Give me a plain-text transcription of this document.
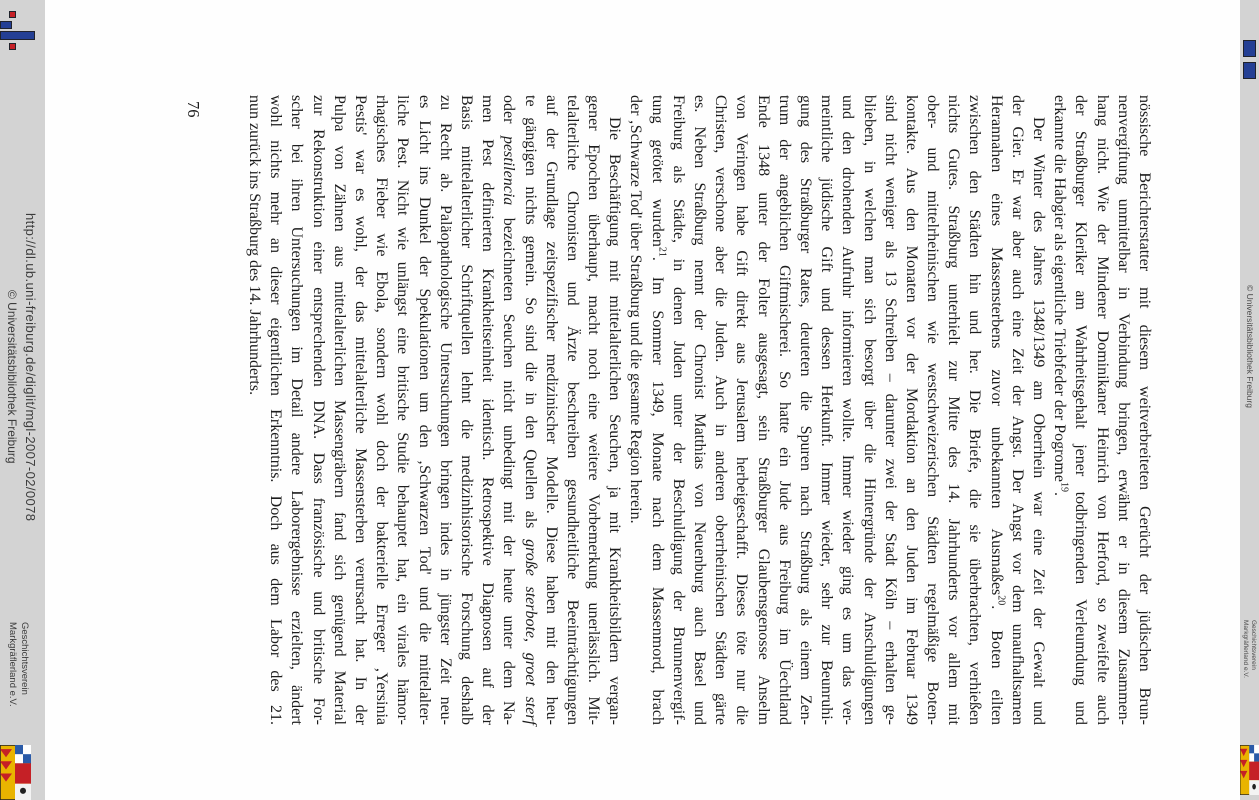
© Universitätsbibliothek Freiburg
Geschichtsverein
Markgräflerland e.V.
nössische Berichterstatter mit diesem weitverbreiteten Gerücht der jüdischen Brun-
nenvergiftung unmittelbar in Verbindung bringen, erwähnt er in diesem Zusammen-
hang nicht. Wie der Mindener Dominikaner Heinrich von Herford, so zweifelte auch
der Straßburger Kleriker am Wahrheitsgehalt jener todbringenden Verleumdung und
erkannte die Habgier als eigentliche Triebfeder der Pogrome$^{19}$.
Der Winter des Jahres 1348/1349 am Oberrhein war eine Zeit der Gewalt und
der Gier. Er war aber auch eine Zeit der Angst. Der Angst vor dem unaufhaltsamen
Herannahen eines Massensterbens zuvor unbekannten Ausmaßes$^{20}$. Boten eilten
zwischen den Städten hin und her. Die Briefe, die sie überbrachten, verhießen
nichts Gutes. Straßburg unterhielt zur Mitte des 14. Jahrhunderts vor allem mit
ober- und mittelrheinischen wie westschweizerischen Städten regelmäßige Boten-
kontakte. Aus den Monaten vor der Mordaktion an den Juden im Februar 1349
sind nicht weniger als 13 Schreiben – darunter zwei der Stadt Köln – erhalten ge-
blieben, in welchen man sich besorgt über die Hintergründe der Anschuldigungen
und den drohenden Aufruhr informieren wollte. Immer wieder ging es um das ver-
meintliche jüdische Gift und dessen Herkunft. Immer wieder, sehr zur Beunruhi-
gung des Straßburger Rates, deuteten die Spuren nach Straßburg als einem Zen-
trum der angeblichen Giftmischerei. So hatte ein Jude aus Freiburg im Üechtland
Ende 1348 unter der Folter ausgesagt, sein Straßburger Glaubensgenosse Anselm
von Veringen habe Gift direkt aus Jerusalem herbeigeschafft. Dieses töte nur die
Christen, verschone aber die Juden. Auch in anderen oberrheinischen Städten gärte
es. Neben Straßburg nennt der Chronist Matthias von Neuenburg auch Basel und
Freiburg als Städte, in denen Juden unter der Beschuldigung der Brunnenvergif-
tung getötet wurden$^{21}$. Im Sommer 1349, Monate nach dem Massenmord, brach
der ‚Schwarze Tod' über Straßburg und die gesamte Region herein.
Die Beschäftigung mit mittelalterlichen Seuchen, ja mit Krankheitsbildern vergan-
gener Epochen überhaupt, macht noch eine weitere Vorbemerkung unerlässlich. Mit-
telalterliche Chronisten und Ärzte beschreiben gesundheitliche Beeinträchtigungen
auf der Grundlage zeitspezifischer medizinischer Modelle. Diese haben mit den heu-
te gängigen nichts gemein. So sind die in den Quellen als große sterbote, groet sterf
oder pestilencia bezeichneten Seuchen nicht unbedingt mit der heute unter dem Na-
men Pest definierten Krankheitseinheit identisch. Retrospektive Diagnosen auf der
Basis mittelalterlicher Schriftquellen lehnt die medizinhistorische Forschung deshalb
zu Recht ab. Paläopathologische Untersuchungen bringen indes in jüngster Zeit neu-
es Licht ins Dunkel der Spekulationen um den ‚Schwarzen Tod' und die mittelalter-
liche Pest. Nicht wie unlängst eine britische Studie behauptet hat, ein virales hämor-
rhagisches Fieber wie Ebola, sondern wohl doch der bakterielle Erreger ‚Yersinia
Pestis' war es wohl, der das mittelalterliche Massensterben verursacht hat. In der
Pulpa von Zähnen aus mittelalterlichen Massengräbern fand sich genügend Material
zur Rekonstruktion einer entsprechenden DNA. Dass französische und britische For-
scher bei ihren Untersuchungen im Detail andere Laborergebnisse erzielten, ändert
wohl nichts mehr an dieser eigentlichen Erkenntnis. Doch aus dem Labor des 21.
nun zurück ins Straßburg des 14. Jahrhunderts.
76
http://dl.ub.uni-freiburg.de/diglit/mgl-2007-02/0078
© Universitätsbibliothek Freiburg
Geschichtsverein
Markgräflerland e.V.
